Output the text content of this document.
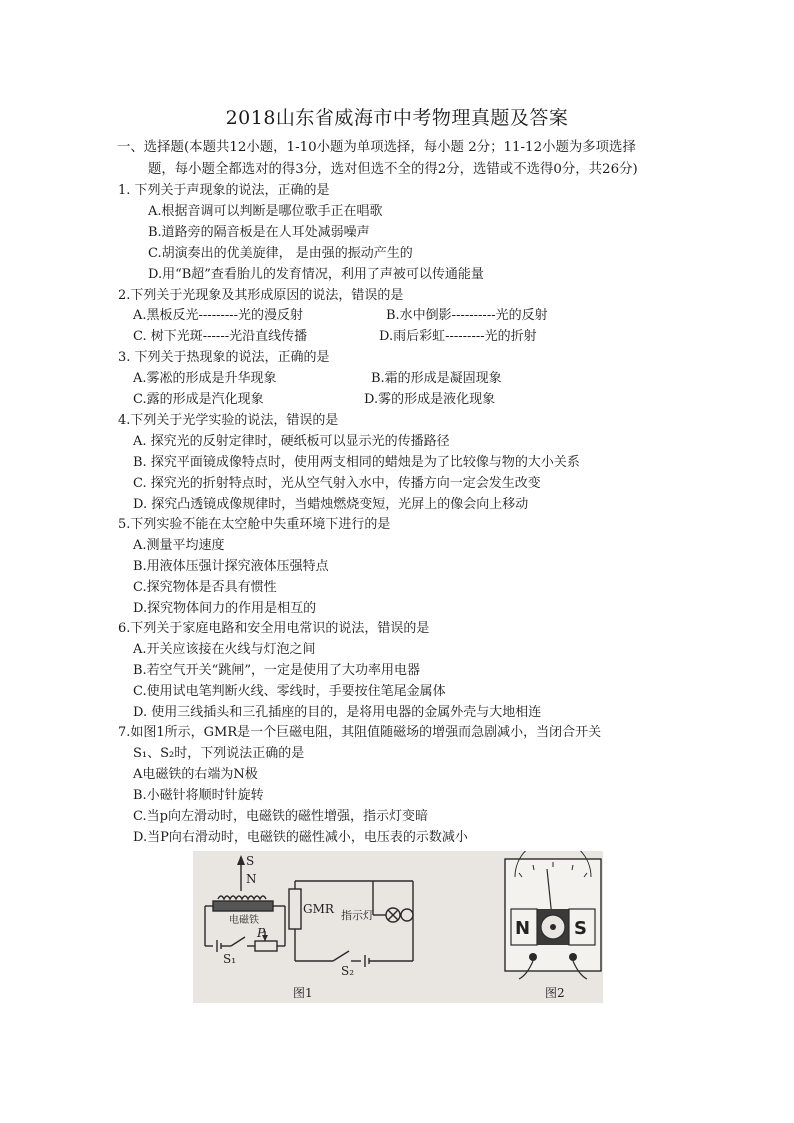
2018山东省威海市中考物理真题及答案
一、选择题(本题共12小题，1-10小题为单项选择，每小题 2分；11-12小题为多项选择
题，每小题全都选对的得3分，选对但选不全的得2分，选错或不选得0分，共26分)
1. 下列关于声现象的说法，正确的是
A.根据音调可以判断是哪位歌手正在唱歌
B.道路旁的隔音板是在人耳处减弱噪声
C.胡演奏出的优美旋律， 是由强的振动产生的
D.用“B超”查看胎儿的发育情况，利用了声被可以传通能量
2.下列关于光现象及其形成原因的说法，错误的是
A.黑板反光---------光的漫反射	B.水中倒影----------光的反射
C. 树下光斑------光沿直线传播	D.雨后彩虹---------光的折射
3. 下列关于热现象的说法，正确的是
A.雾凇的形成是升华现象	B.霜的形成是凝固现象
C.露的形成是汽化现象	D.雾的形成是液化现象
4.下列关于光学实验的说法，错误的是
A. 探究光的反射定律时，硬纸板可以显示光的传播路径
B. 探究平面镜成像特点时，使用两支相同的蜡烛是为了比较像与物的大小关系
C. 探究光的折射特点时，光从空气射入水中，传播方向一定会发生改变
D. 探究凸透镜成像规律时，当蜡烛燃烧变短，光屏上的像会向上移动
5.下列实验不能在太空舱中失重环境下进行的是
A.测量平均速度
B.用液体压强计探究液体压强特点
C.探究物体是否具有惯性
D.探究物体间力的作用是相互的
6.下列关于家庭电路和安全用电常识的说法，错误的是
A.开关应该接在火线与灯泡之间
B.若空气开关“跳闸”，一定是使用了大功率用电器
C.使用试电笔判断火线、零线时，手要按住笔尾金属体
D. 使用三线插头和三孔插座的目的，是将用电器的金属外壳与大地相连
7.如图1所示，GMR是一个巨磁电阻，其阻值随磁场的增强而急剧减小，当闭合开关
S₁、S₂时，下列说法正确的是
A电磁铁的右端为N极
B.小磁针将顺时针旋转
C.当p向左滑动时，电磁铁的磁性增强，指示灯变暗
D.当P向右滑动时，电磁铁的磁性减小，电压表的示数减小
S
N
电磁铁
P
S₁
S₂
GMR 指示灯
图1
N S
图2
